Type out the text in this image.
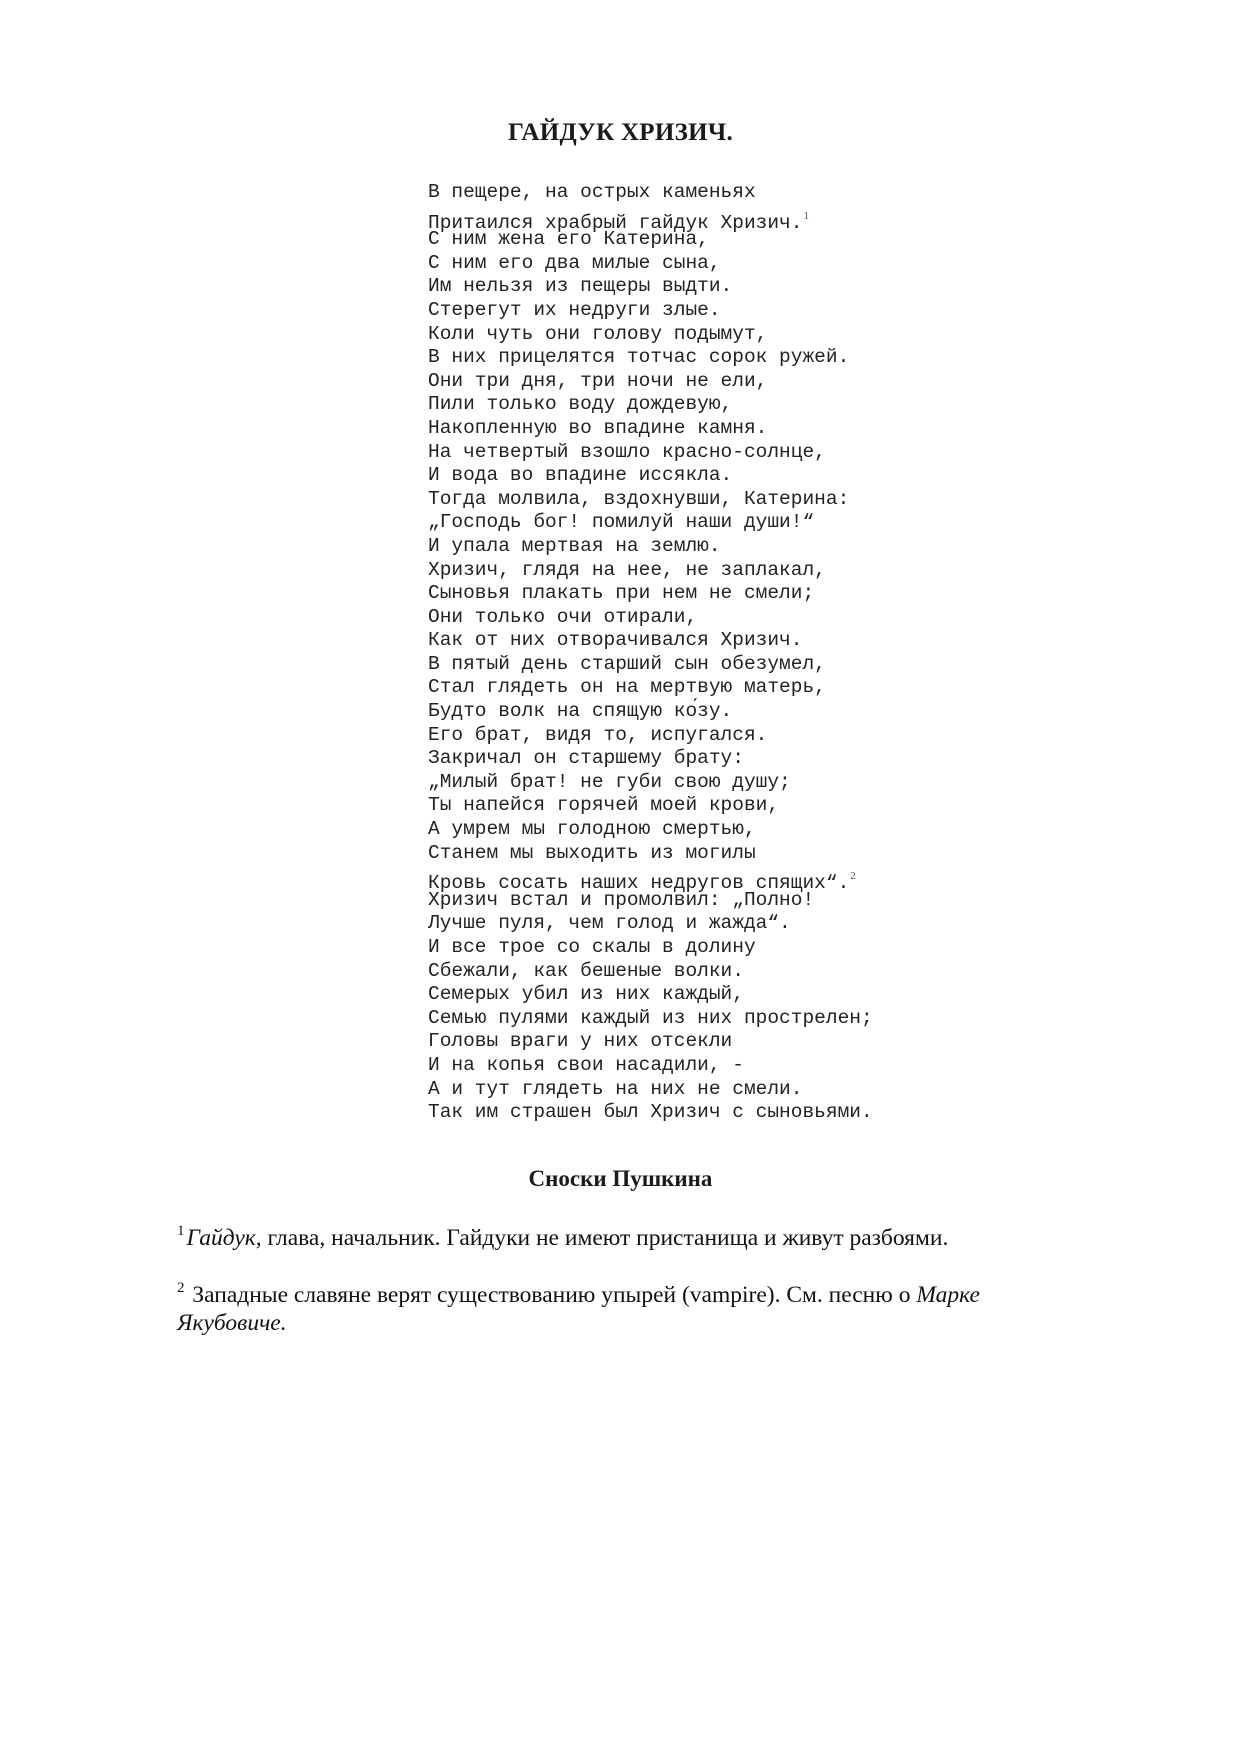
ГАЙДУК ХРИЗИЧ.
В пещере, на острых каменьях
Притаился храбрый гайдук Хризич.$^1$
С ним жена его Катерина,
С ним его два милые сына,
Им нельзя из пещеры выдти.
Стерегут их недруги злые.
Коли чуть они голову подымут,
В них прицелятся тотчас сорок ружей.
Они три дня, три ночи не ели,
Пили только воду дождевую,
Накопленную во впадине камня.
На четвертый взошло красно-солнце,
И вода во впадине иссякла.
Тогда молвила, вздохнувши, Катерина:
„Господь бог! помилуй наши души!“
И упала мертвая на землю.
Хризич, глядя на нее, не заплакал,
Сыновья плакать при нем не смели;
Они только очи отирали,
Как от них отворачивался Хризич.
В пятый день старший сын обезумел,
Стал глядеть он на мертвую матерь,
Будто волк на спящую ко́зу.
Его брат, видя то, испугался.
Закричал он старшему брату:
„Милый брат! не губи свою душу;
Ты напейся горячей моей крови,
А умрем мы голодною смертью,
Станем мы выходить из могилы
Кровь сосать наших недругов спящих“.$^2$
Хризич встал и промолвил: „Полно!
Лучше пуля, чем голод и жажда“.
И все трое со скалы в долину
Сбежали, как бешеные волки.
Семерых убил из них каждый,
Семью пулями каждый из них прострелен;
Головы враги у них отсекли
И на копья свои насадили, -
А и тут глядеть на них не смели.
Так им страшен был Хризич с сыновьями.
Сноски Пушкина
$^1$Гайдук, глава, начальник. Гайдуки не имеют пристанища и живут разбоями.
$^2$ Западные славяне верят существованию упырей (vampire). См. песню о Марке Якубовиче.
